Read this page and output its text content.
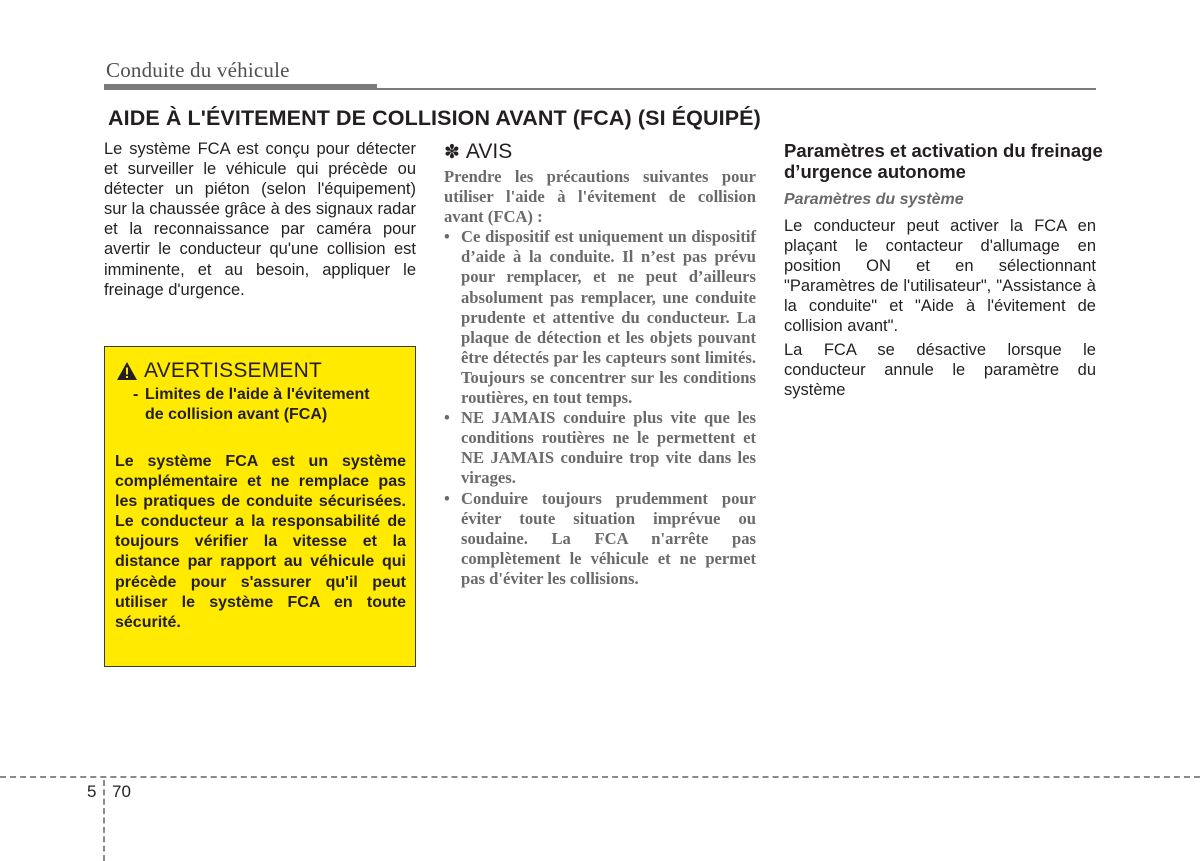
Conduite du véhicule
AIDE À L'ÉVITEMENT DE COLLISION AVANT (FCA) (SI ÉQUIPÉ)

Le système FCA est conçu pour détecter et surveiller le véhicule qui précède ou détecter un piéton (selon l'équipement) sur la chaussée grâce à des signaux radar et la reconnaissance par caméra pour avertir le conducteur qu'une collision est imminente, et au besoin, appliquer le freinage d'urgence.

AVERTISSEMENT
- Limites de l'aide à l'évitement de collision avant (FCA)

Le système FCA est un système complémentaire et ne remplace pas les pratiques de conduite sécurisées. Le conducteur a la responsabilité de toujours vérifier la vitesse et la distance par rapport au véhicule qui précède pour s'assurer qu'il peut utiliser le système FCA en toute sécurité.

✽ AVIS

Prendre les précautions suivantes pour utiliser l'aide à l'évitement de collision avant (FCA) :

• Ce dispositif est uniquement un dispositif d’aide à la conduite. Il n’est pas prévu pour remplacer, et ne peut d’ailleurs absolument pas remplacer, une conduite prudente et attentive du conducteur. La plaque de détection et les objets pouvant être détectés par les capteurs sont limités. Toujours se concentrer sur les conditions routières, en tout temps.
• NE JAMAIS conduire plus vite que les conditions routières ne le permettent et NE JAMAIS conduire trop vite dans les virages.
• Conduire toujours prudemment pour éviter toute situation imprévue ou soudaine. La FCA n'arrête pas complètement le véhicule et ne permet pas d'éviter les collisions.
Paramètres et activation du freinage d’urgence autonome
Paramètres du système

Le conducteur peut activer la FCA en plaçant le contacteur d'allumage en position ON et en sélectionnant "Paramètres de l'utilisateur", "Assistance à la conduite" et "Aide à l'évitement de collision avant".

La FCA se désactive lorsque le conducteur annule le paramètre du système

5 70
